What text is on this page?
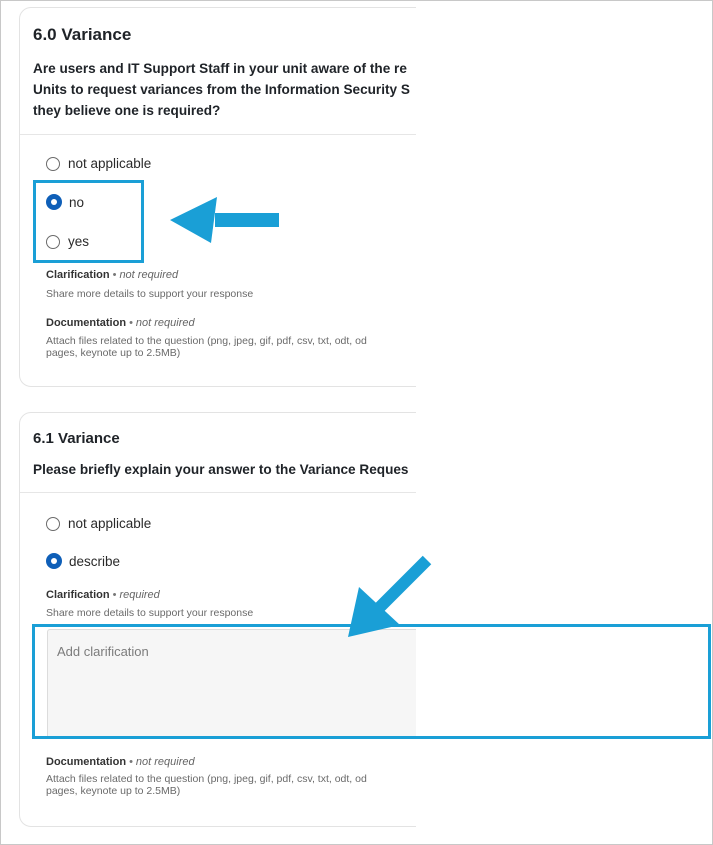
6.0 Variance
Are users and IT Support Staff in your unit aware of the re
Units to request variances from the Information Security S
they believe one is required?
not applicable
no
yes
Clarification • not required
Share more details to support your response
Documentation • not required
Attach files related to the question (png, jpeg, gif, pdf, csv, txt, odt, od
pages, keynote up to 2.5MB)
6.1 Variance
Please briefly explain your answer to the Variance Reques
not applicable
describe
Clarification • required
Share more details to support your response
Add clarification
Documentation • not required
Attach files related to the question (png, jpeg, gif, pdf, csv, txt, odt, od
pages, keynote up to 2.5MB)
